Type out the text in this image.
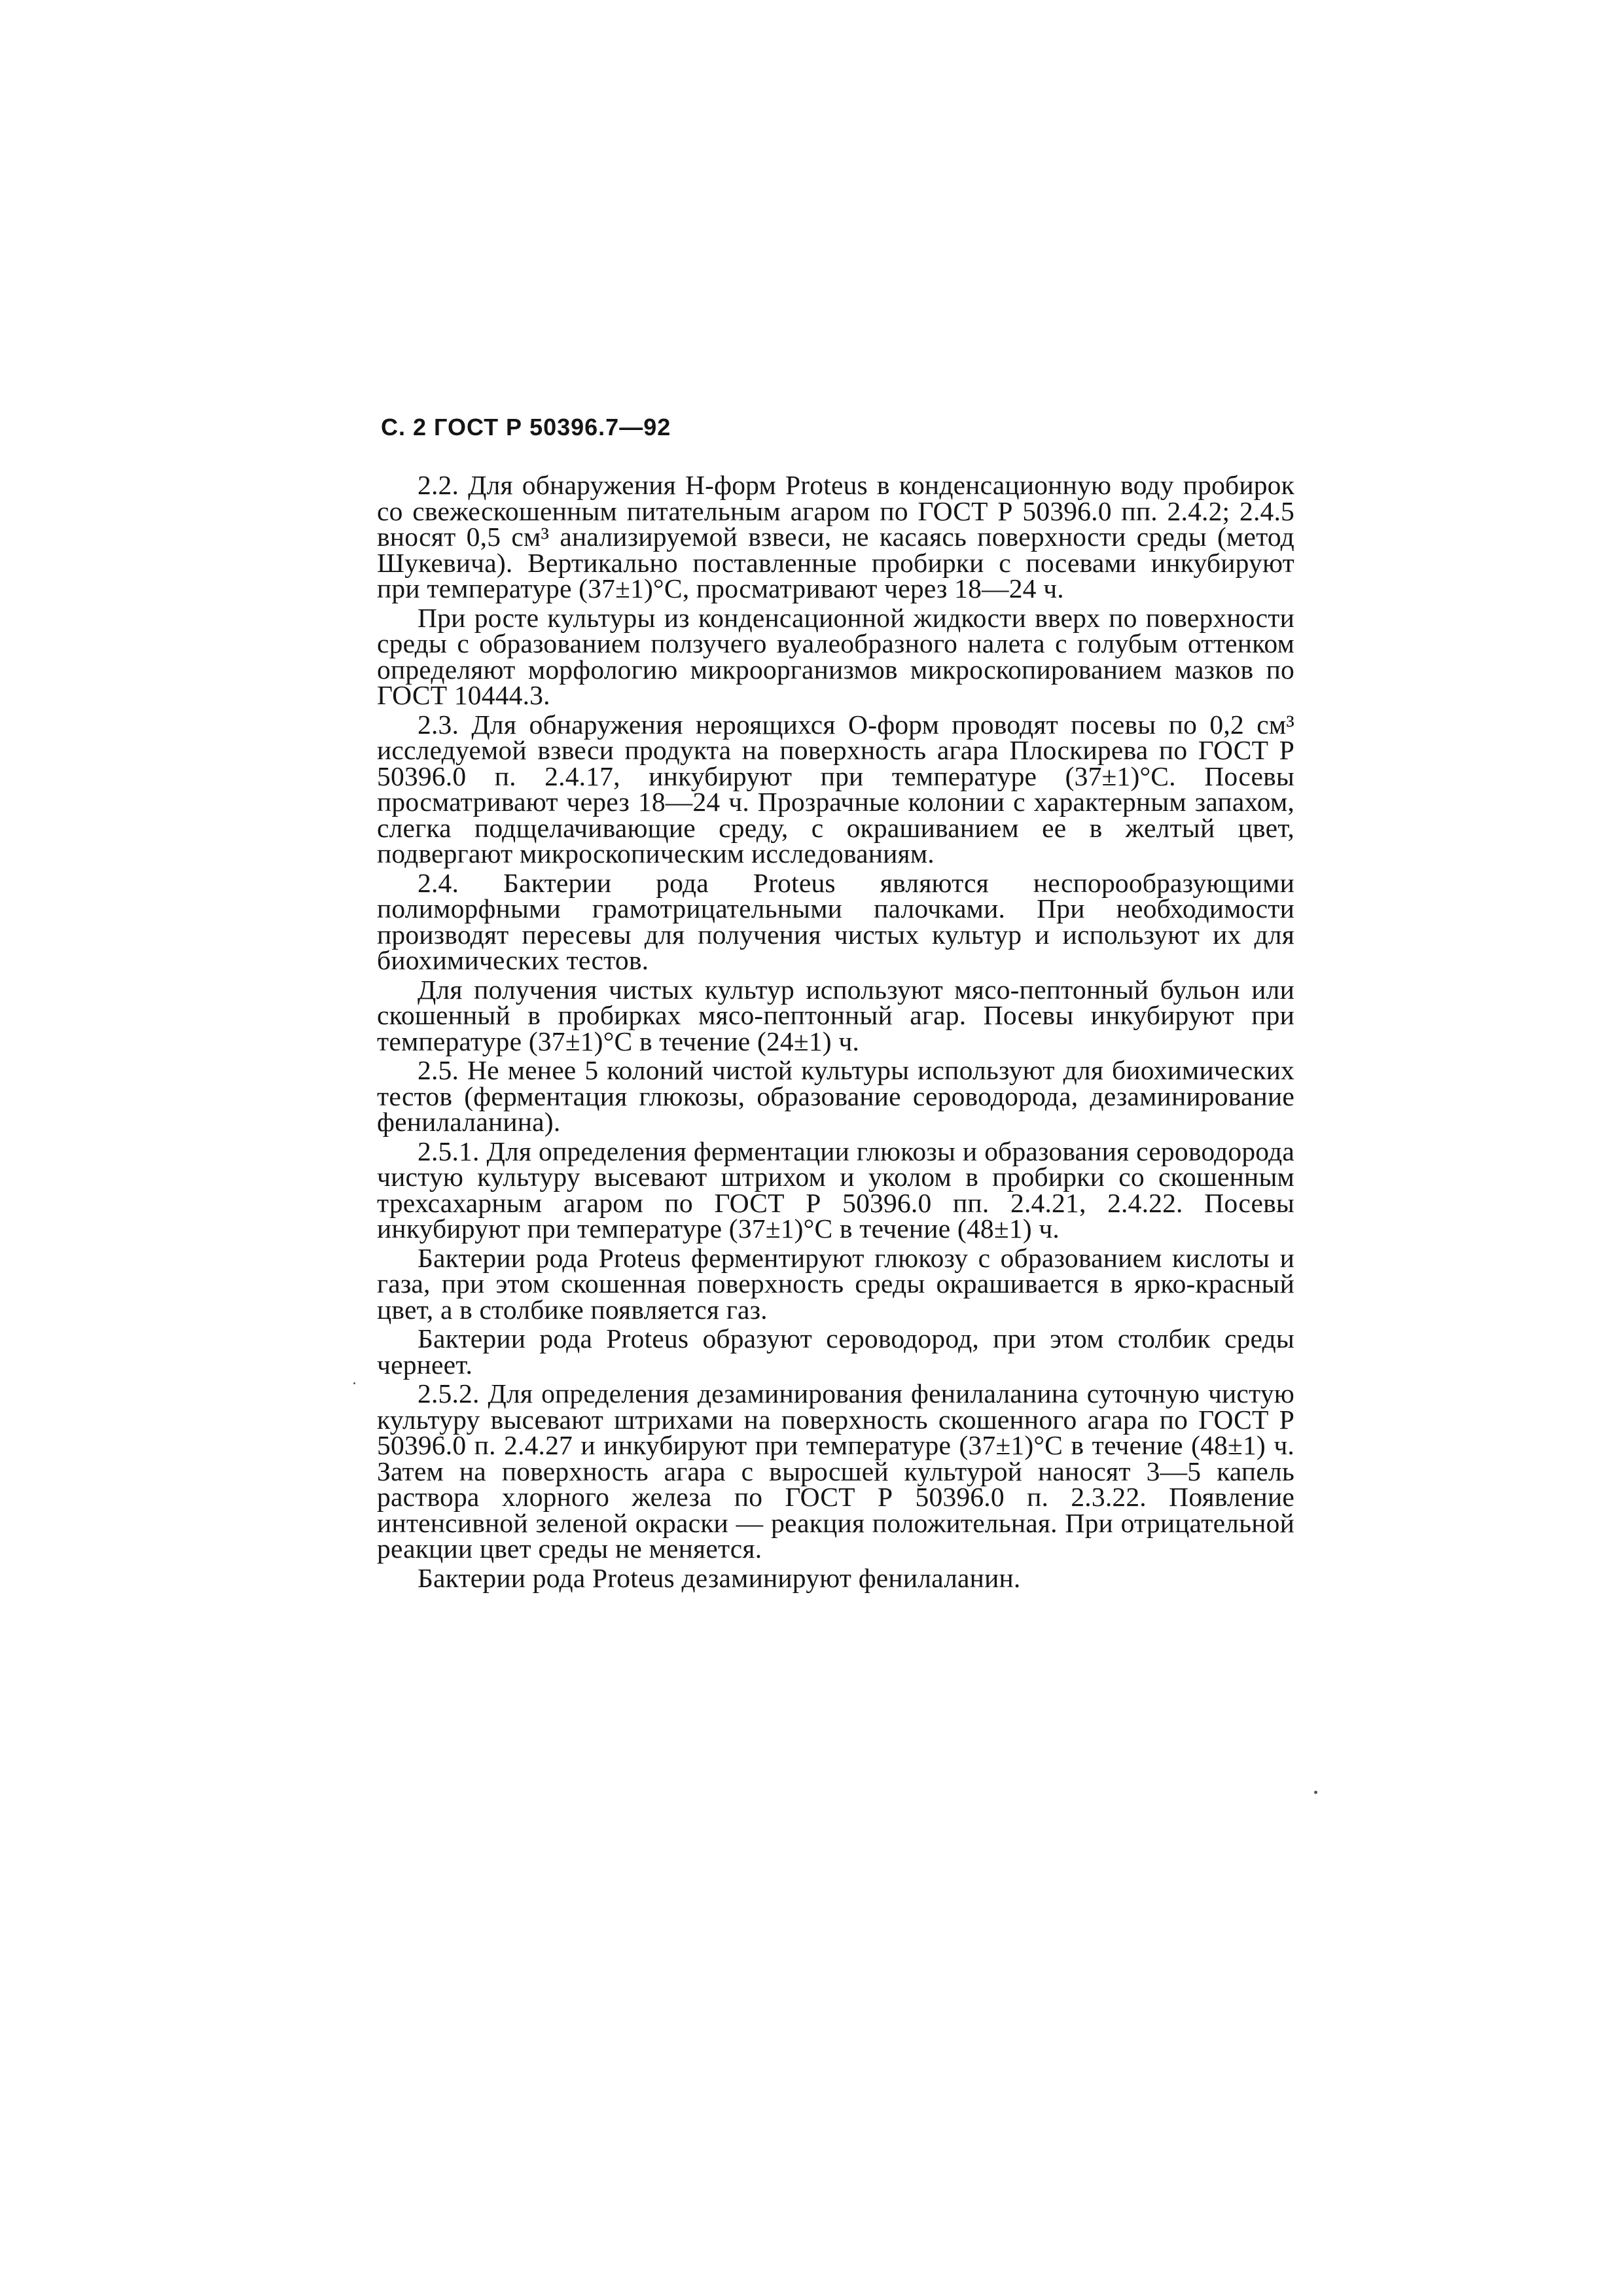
С. 2 ГОСТ Р 50396.7—92

2.2. Для обнаружения Н-форм Proteus в конденсационную воду пробирок со свежескошенным питательным агаром по ГОСТ Р 50396.0 пп. 2.4.2; 2.4.5 вносят 0,5 см³ анализируемой взвеси, не касаясь поверхности среды (метод Шукевича). Вертикально поставленные пробирки с посевами инкубируют при температуре (37±1)°С, просматривают через 18—24 ч.

При росте культуры из конденсационной жидкости вверх по поверхности среды с образованием ползучего вуалеобразного налета с голубым оттенком определяют морфологию микроорганизмов микроскопированием мазков по ГОСТ 10444.3.

2.3. Для обнаружения нероящихся О-форм проводят посевы по 0,2 см³ исследуемой взвеси продукта на поверхность агара Плоскирева по ГОСТ Р 50396.0 п. 2.4.17, инкубируют при температуре (37±1)°С. Посевы просматривают через 18—24 ч. Прозрачные колонии с характерным запахом, слегка подщелачивающие среду, с окрашиванием ее в желтый цвет, подвергают микроскопическим исследованиям.

2.4. Бактерии рода Proteus являются неспорообразующими полиморфными грамотрицательными палочками. При необходимости производят пересевы для получения чистых культур и используют их для биохимических тестов.

Для получения чистых культур используют мясо-пептонный бульон или скошенный в пробирках мясо-пептонный агар. Посевы инкубируют при температуре (37±1)°С в течение (24±1) ч.

2.5. Не менее 5 колоний чистой культуры используют для биохимических тестов (ферментация глюкозы, образование сероводорода, дезаминирование фенилаланина).

2.5.1. Для определения ферментации глюкозы и образования сероводорода чистую культуру высевают штрихом и уколом в пробирки со скошенным трехсахарным агаром по ГОСТ Р 50396.0 пп. 2.4.21, 2.4.22. Посевы инкубируют при температуре (37±1)°С в течение (48±1) ч.

Бактерии рода Proteus ферментируют глюкозу с образованием кислоты и газа, при этом скошенная поверхность среды окрашивается в ярко-красный цвет, а в столбике появляется газ.

Бактерии рода Proteus образуют сероводород, при этом столбик среды чернеет.

2.5.2. Для определения дезаминирования фенилаланина суточную чистую культуру высевают штрихами на поверхность скошенного агара по ГОСТ Р 50396.0 п. 2.4.27 и инкубируют при температуре (37±1)°С в течение (48±1) ч. Затем на поверхность агара с выросшей культурой наносят 3—5 капель раствора хлорного железа по ГОСТ Р 50396.0 п. 2.3.22. Появление интенсивной зеленой окраски — реакция положительная. При отрицательной реакции цвет среды не меняется.

Бактерии рода Proteus дезаминируют фенилаланин.
